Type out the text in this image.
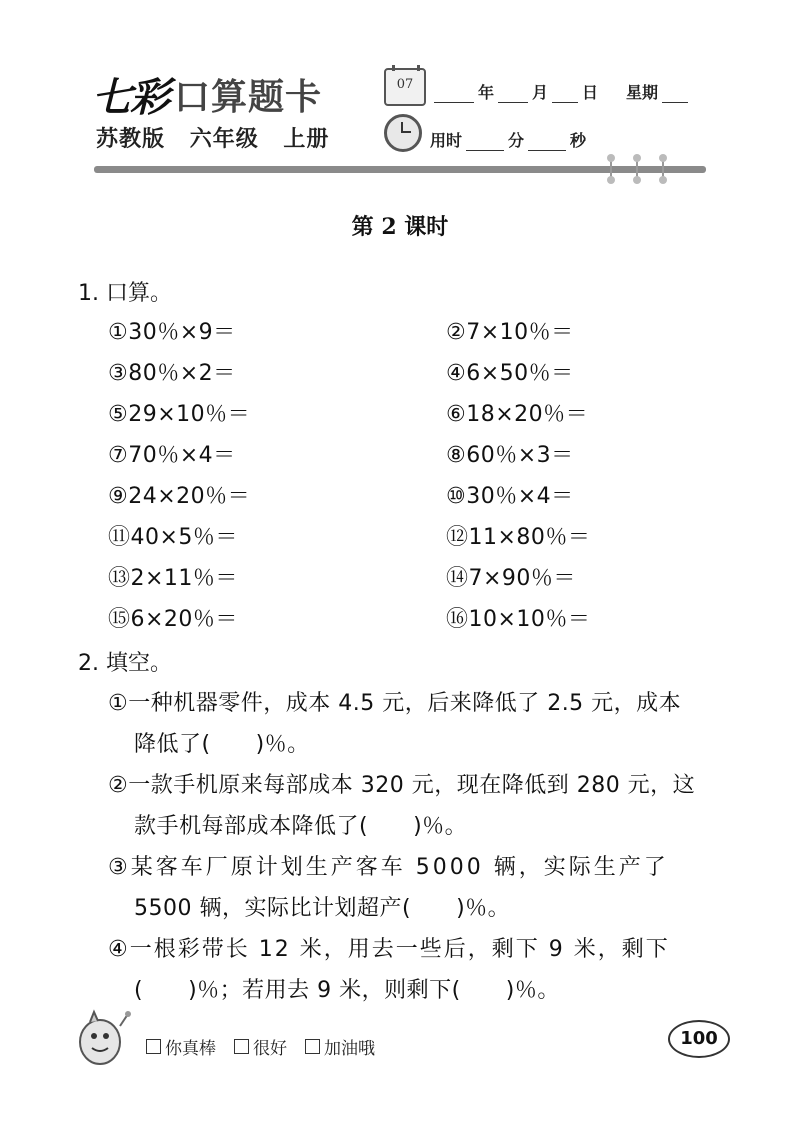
七彩 口算题卡
苏教版 六年级 上册
07	年 月 日 星期
用时	分	秒
第 2 课时
1. 口算。
①30％×9＝	②7×10％＝
③80％×2＝	④6×50％＝
⑤29×10％＝	⑥18×20％＝
⑦70％×4＝	⑧60％×3＝
⑨24×20％＝	⑩30％×4＝
⑪40×5％＝	⑫11×80％＝
⑬2×11％＝	⑭7×90％＝
⑮6×20％＝	⑯10×10％＝
2. 填空。
①一种机器零件，成本 4.5 元，后来降低了 2.5 元，成本
降低了(　　)％。
②一款手机原来每部成本 320 元，现在降低到 280 元，这
款手机每部成本降低了(　　)％。
③某客车厂原计划生产客车 5000 辆，实际生产了
5500 辆，实际比计划超产(　　)％。
④一根彩带长 12 米，用去一些后，剩下 9 米，剩下
(　　)％；若用去 9 米，则剩下(　　)％。
你真棒 很好 加油哦	100
